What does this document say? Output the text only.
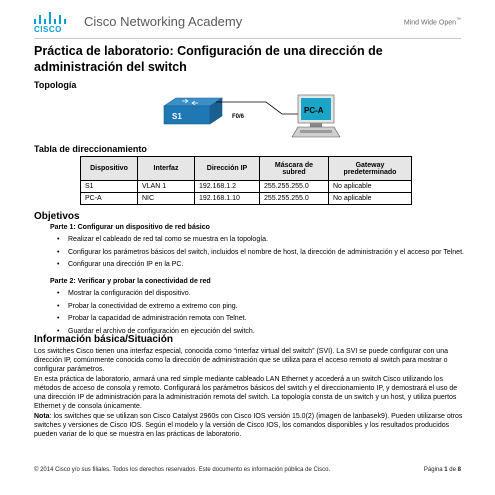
CISCO
Cisco Networking Academy	Mind Wide Open™
Práctica de laboratorio: Configuración de una dirección de administración del switch
Topología
S1	F0/6
PC-A
Tabla de direccionamiento
Dispositivo	Interfaz	Dirección IP	Máscara de subred	Gateway predeterminado
S1	VLAN 1	192.168.1.2	255.255.255.0	No aplicable
PC-A	NIC	192.168.1.10	255.255.255.0	No aplicable
Objetivos
Parte 1: Configurar un dispositivo de red básico
• Realizar el cableado de red tal como se muestra en la topología.
• Configurar los parámetros básicos del switch, incluidos el nombre de host, la dirección de administración y el acceso por Telnet.
• Configurar una dirección IP en la PC.
Parte 2: Verificar y probar la conectividad de red
• Mostrar la configuración del dispositivo.
• Probar la conectividad de extremo a extremo con ping.
• Probar la capacidad de administración remota con Telnet.
• Guardar el archivo de configuración en ejecución del switch.
Información básica/Situación
Los switches Cisco tienen una interfaz especial, conocida como “interfaz virtual del switch” (SVI). La SVI se puede configurar con una dirección IP, comúnmente conocida como la dirección de administración que se utiliza para el acceso remoto al switch para mostrar o configurar parámetros.
En esta práctica de laboratorio, armará una red simple mediante cableado LAN Ethernet y accederá a un switch Cisco utilizando los métodos de acceso de consola y remoto. Configurará los parámetros básicos del switch y el direccionamiento IP, y demostrará el uso de una dirección IP de administración para la administración remota del switch. La topología consta de un switch y un host, y utiliza puertos Ethernet y de consola únicamente.
Nota: los switches que se utilizan son Cisco Catalyst 2960s con Cisco IOS versión 15.0(2) (imagen de lanbasek9). Pueden utilizarse otros switches y versiones de Cisco IOS. Según el modelo y la versión de Cisco IOS, los comandos disponibles y los resultados producidos pueden variar de lo que se muestra en las prácticas de laboratorio.
© 2014 Cisco y/o sus filiales. Todos los derechos reservados. Este documento es información pública de Cisco.	Página 1 de 8
